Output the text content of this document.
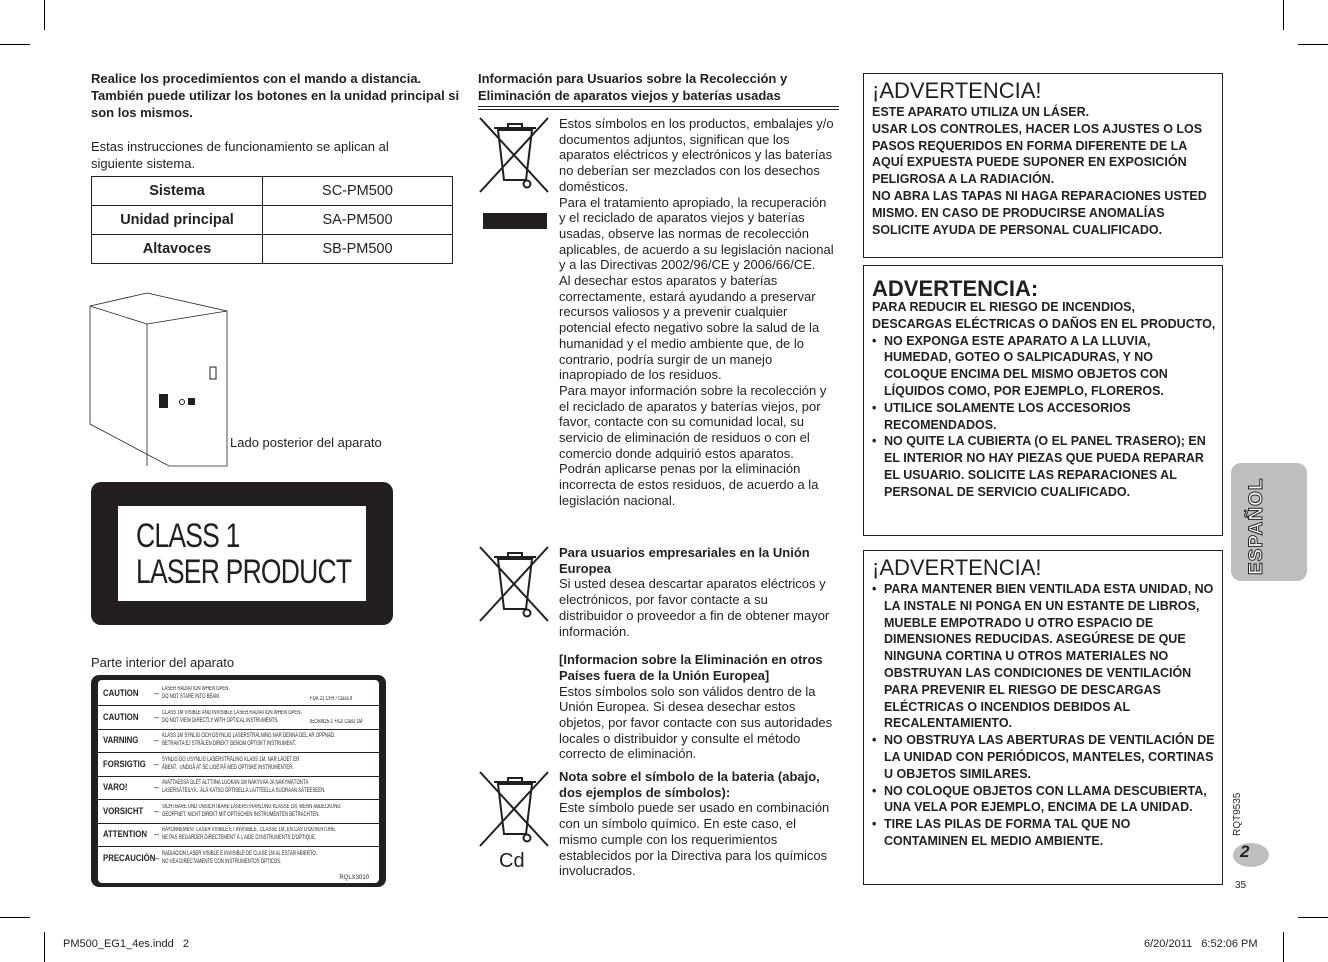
Realice los procedimientos con el mando a distancia. También puede utilizar los botones en la unidad principal si son los mismos.
Estas instrucciones de funcionamiento se aplican al siguiente sistema.
Sistema	SC-PM500
Unidad principal	SA-PM500
Altavoces	SB-PM500
Lado posterior del aparato
CLASS 1
LASER PRODUCT
Parte interior del aparato
RQLX3010
CAUTION – LASER RADIATION WHEN OPEN.
DO NOT STARE INTO BEAM.	FDA 21 CFR / Class Ⅱ
CAUTION – CLASS 1M VISIBLE AND INVISIBLE LASER RADIATION WHEN OPEN.
DO NOT VIEW DIRECTLY WITH OPTICAL INSTRUMENTS.	IEC60825-1 +A2/ Class 1M
VARNING – KLASS 1M SYNLIG OCH OSYNLIG LASERSTRÅLNING NÄR DENNA DEL ÄR ÖPPNAD.
BETRAKTA EJ STRÅLEN DIREKT GENOM OPTISKT INSTRUMENT.
FORSIGTIG – SYNLIG OG USYNLIG LASERSTRÅLING KLASS 1M, NÅR LÅGET ER
ÅBENT.  UNDGÅ AT SE LIGE PÅ MED OPTISKE INSTRUMENTER.
VARO!	– AVATTAESSA OLET ALTTIINA LUOKAN 1M NÄKYVÄÄ JA NÄKYMÄTÖNTÄ
LASERSÄTEILYÄ.  ÄLÄ KATSO OPTISELLA LAITTEELLA SUORAAN SÄTEESEEN.
VORSICHT – SICHTBARE UND UNSICHTBARE LASERSTRAHLUNG KLASSE 1M, WENN ABDECKUNG
GEÖFFNET. NICHT DIREKT MIT OPTISCHEN INSTRUMENTEN BETRACHTEN.
ATTENTION – RAYONNEMENT LASER VISIBLE ET INVISIBLE,  CLASSE 1M, EN CAS D'OUVERTURE.
NE PAS REGARDER DIRECTEMENT À L'AIDE D'INSTRUMENTS D'OPTIQUE.
PRECAUCIÓN
– RADIACIÓN LASER VISIBLE E INVISIBLE DE CLASE 1M AL ESTAR ABIERTO.
NO VEA DIRECTAMENTE CON INSTRUMENTOS ÓPTICOS.
Información para Usuarios sobre la Recolección y Eliminación de aparatos viejos y baterías usadas
Estos símbolos en los productos, embalajes y/o documentos adjuntos, significan que los aparatos eléctricos y electrónicos y las baterías no deberían ser mezclados con los desechos domésticos.
Para el tratamiento apropiado, la recuperación y el reciclado de aparatos viejos y baterías usadas, observe las normas de recolección aplicables, de acuerdo a su legislación nacional y a las Directivas 2002/96/CE y 2006/66/CE.
Al desechar estos aparatos y baterías correctamente, estará ayudando a preservar recursos valiosos y a prevenir cualquier potencial efecto negativo sobre la salud de la humanidad y el medio ambiente que, de lo contrario, podría surgir de un manejo inapropiado de los residuos.
Para mayor información sobre la recolección y el reciclado de aparatos y baterías viejos, por favor, contacte con su comunidad local, su servicio de eliminación de residuos o con el comercio donde adquirió estos aparatos.
Podrán aplicarse penas por la eliminación incorrecta de estos residuos, de acuerdo a la legislación nacional.
Para usuarios empresariales en la Unión Europea
Si usted desea descartar aparatos eléctricos y electrónicos, por favor contacte a su distribuidor o proveedor a fin de obtener mayor información.
[Informacion sobre la Eliminación en otros Países fuera de la Unión Europea]
Estos símbolos solo son válidos dentro de la Unión Europea. Si desea desechar estos objetos, por favor contacte con sus autoridades locales o distribuidor y consulte el método correcto de eliminación.
Cd
Nota sobre el símbolo de la bateria (abajo, dos ejemplos de símbolos):
Este símbolo puede ser usado en combinación con un símbolo químico. En este caso, el mismo cumple con los requerimientos establecidos por la Directiva para los químicos involucrados.
¡ADVERTENCIA!
ESTE APARATO UTILIZA UN LÁSER.
USAR LOS CONTROLES, HACER LOS AJUSTES O LOS PASOS REQUERIDOS EN FORMA DIFERENTE DE LA AQUÍ EXPUESTA PUEDE SUPONER EN EXPOSICIÓN PELIGROSA A LA RADIACIÓN.
NO ABRA LAS TAPAS NI HAGA REPARACIONES USTED MISMO. EN CASO DE PRODUCIRSE ANOMALÍAS SOLICITE AYUDA DE PERSONAL CUALIFICADO.
ADVERTENCIA:
PARA REDUCIR EL RIESGO DE INCENDIOS, DESCARGAS ELÉCTRICAS O DAÑOS EN EL PRODUCTO,
• NO EXPONGA ESTE APARATO A LA LLUVIA, HUMEDAD, GOTEO O SALPICADURAS, Y NO COLOQUE ENCIMA DEL MISMO OBJETOS CON LÍQUIDOS COMO, POR EJEMPLO, FLOREROS.
• UTILICE SOLAMENTE LOS ACCESORIOS RECOMENDADOS.
• NO QUITE LA CUBIERTA (O EL PANEL TRASERO); EN EL INTERIOR NO HAY PIEZAS QUE PUEDA REPARAR EL USUARIO. SOLICITE LAS REPARACIONES AL PERSONAL DE SERVICIO CUALIFICADO.
¡ADVERTENCIA!
• PARA MANTENER BIEN VENTILADA ESTA UNIDAD, NO LA INSTALE NI PONGA EN UN ESTANTE DE LIBROS, MUEBLE EMPOTRADO U OTRO ESPACIO DE DIMENSIONES REDUCIDAS. ASEGÚRESE DE QUE NINGUNA CORTINA U OTROS MATERIALES NO OBSTRUYAN LAS CONDICIONES DE VENTILACIÓN PARA PREVENIR EL RIESGO DE DESCARGAS ELÉCTRICAS O INCENDIOS DEBIDOS AL RECALENTAMIENTO.
• NO OBSTRUYA LAS ABERTURAS DE VENTILACIÓN DE LA UNIDAD CON PERIÓDICOS, MANTELES, CORTINAS U OBJETOS SIMILARES.
• NO COLOQUE OBJETOS CON LLAMA DESCUBIERTA, UNA VELA POR EJEMPLO, ENCIMA DE LA UNIDAD.
• TIRE LAS PILAS DE FORMA TAL QUE NO CONTAMINEN EL MEDIO AMBIENTE.
ESPAÑOL
RQT9535
2
35
PM500_EG1_4es.indd   2	6/20/2011   6:52:06 PM
